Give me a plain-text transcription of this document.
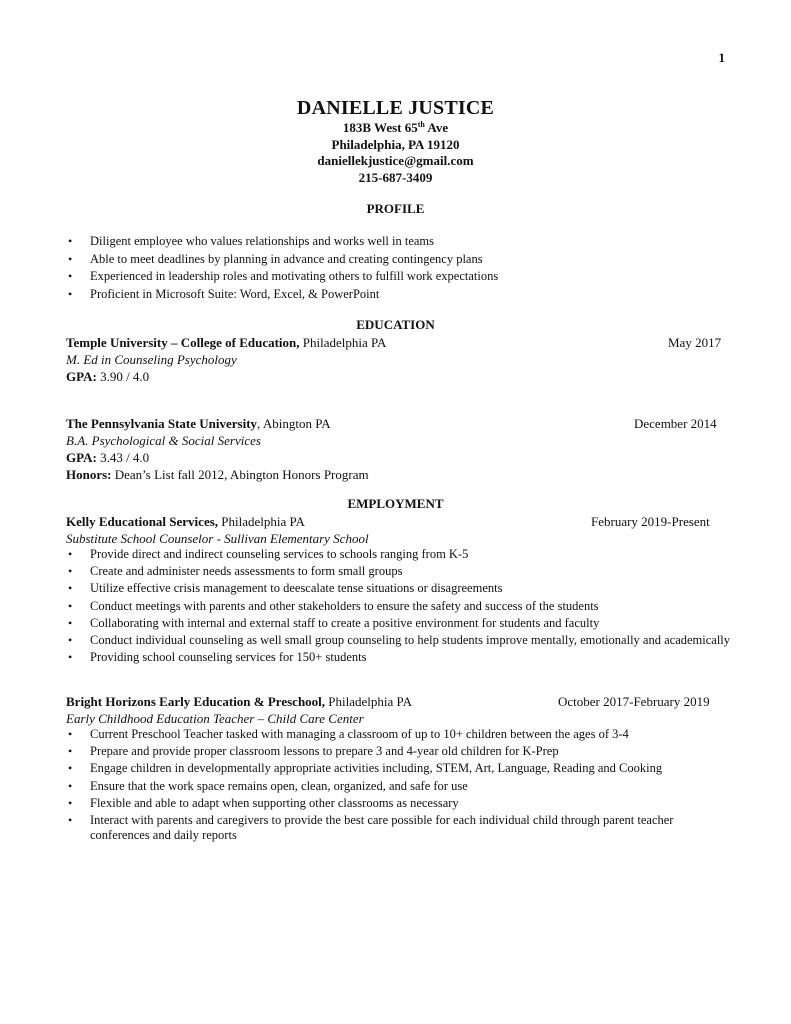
1
DANIELLE JUSTICE
183B West 65th Ave
Philadelphia, PA 19120
daniellekjustice@gmail.com
215-687-3409
PROFILE
• Diligent employee who values relationships and works well in teams
• Able to meet deadlines by planning in advance and creating contingency plans
• Experienced in leadership roles and motivating others to fulfill work expectations
• Proficient in Microsoft Suite: Word, Excel, & PowerPoint
EDUCATION
Temple University – College of Education, Philadelphia PA	May 2017
M. Ed in Counseling Psychology
GPA: 3.90 / 4.0
The Pennsylvania State University, Abington PA	December 2014
B.A. Psychological & Social Services
GPA: 3.43 / 4.0
Honors: Dean’s List fall 2012, Abington Honors Program
EMPLOYMENT
Kelly Educational Services, Philadelphia PA	February 2019-Present
Substitute School Counselor - Sullivan Elementary School
• Provide direct and indirect counseling services to schools ranging from K-5
• Create and administer needs assessments to form small groups
• Utilize effective crisis management to deescalate tense situations or disagreements
• Conduct meetings with parents and other stakeholders to ensure the safety and success of the students
• Collaborating with internal and external staff to create a positive environment for students and faculty
• Conduct individual counseling as well small group counseling to help students improve mentally, emotionally and academically
• Providing school counseling services for 150+ students
Bright Horizons Early Education & Preschool, Philadelphia PA	October 2017-February 2019
Early Childhood Education Teacher – Child Care Center
• Current Preschool Teacher tasked with managing a classroom of up to 10+ children between the ages of 3-4
• Prepare and provide proper classroom lessons to prepare 3 and 4-year old children for K-Prep
• Engage children in developmentally appropriate activities including, STEM, Art, Language, Reading and Cooking
• Ensure that the work space remains open, clean, organized, and safe for use
• Flexible and able to adapt when supporting other classrooms as necessary
• Interact with parents and caregivers to provide the best care possible for each individual child through parent teacher conferences and daily reports
